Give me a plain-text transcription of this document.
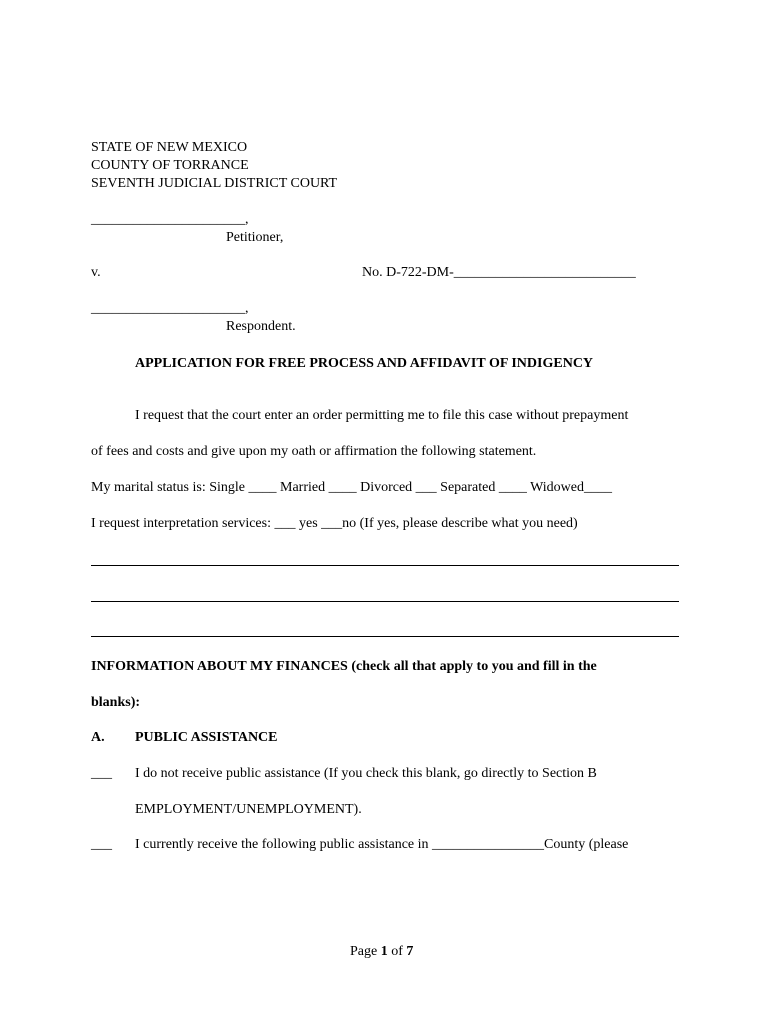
STATE OF NEW MEXICO
COUNTY OF TORRANCE
SEVENTH JUDICIAL DISTRICT COURT
______________________,
Petitioner,
v.	No. D-722-DM-__________________________
______________________,
Respondent.
APPLICATION FOR FREE PROCESS AND AFFIDAVIT OF INDIGENCY
I request that the court enter an order permitting me to file this case without prepayment
of fees and costs and give upon my oath or affirmation the following statement.
My marital status is: Single ____ Married ____ Divorced ___ Separated ____ Widowed____
I request interpretation services: ___ yes ___no (If yes, please describe what you need)
INFORMATION ABOUT MY FINANCES (check all that apply to you and fill in the
blanks):
A. PUBLIC ASSISTANCE
___ I do not receive public assistance (If you check this blank, go directly to Section B
EMPLOYMENT/UNEMPLOYMENT).
___ I currently receive the following public assistance in ________________County (please
Page 1 of 7
